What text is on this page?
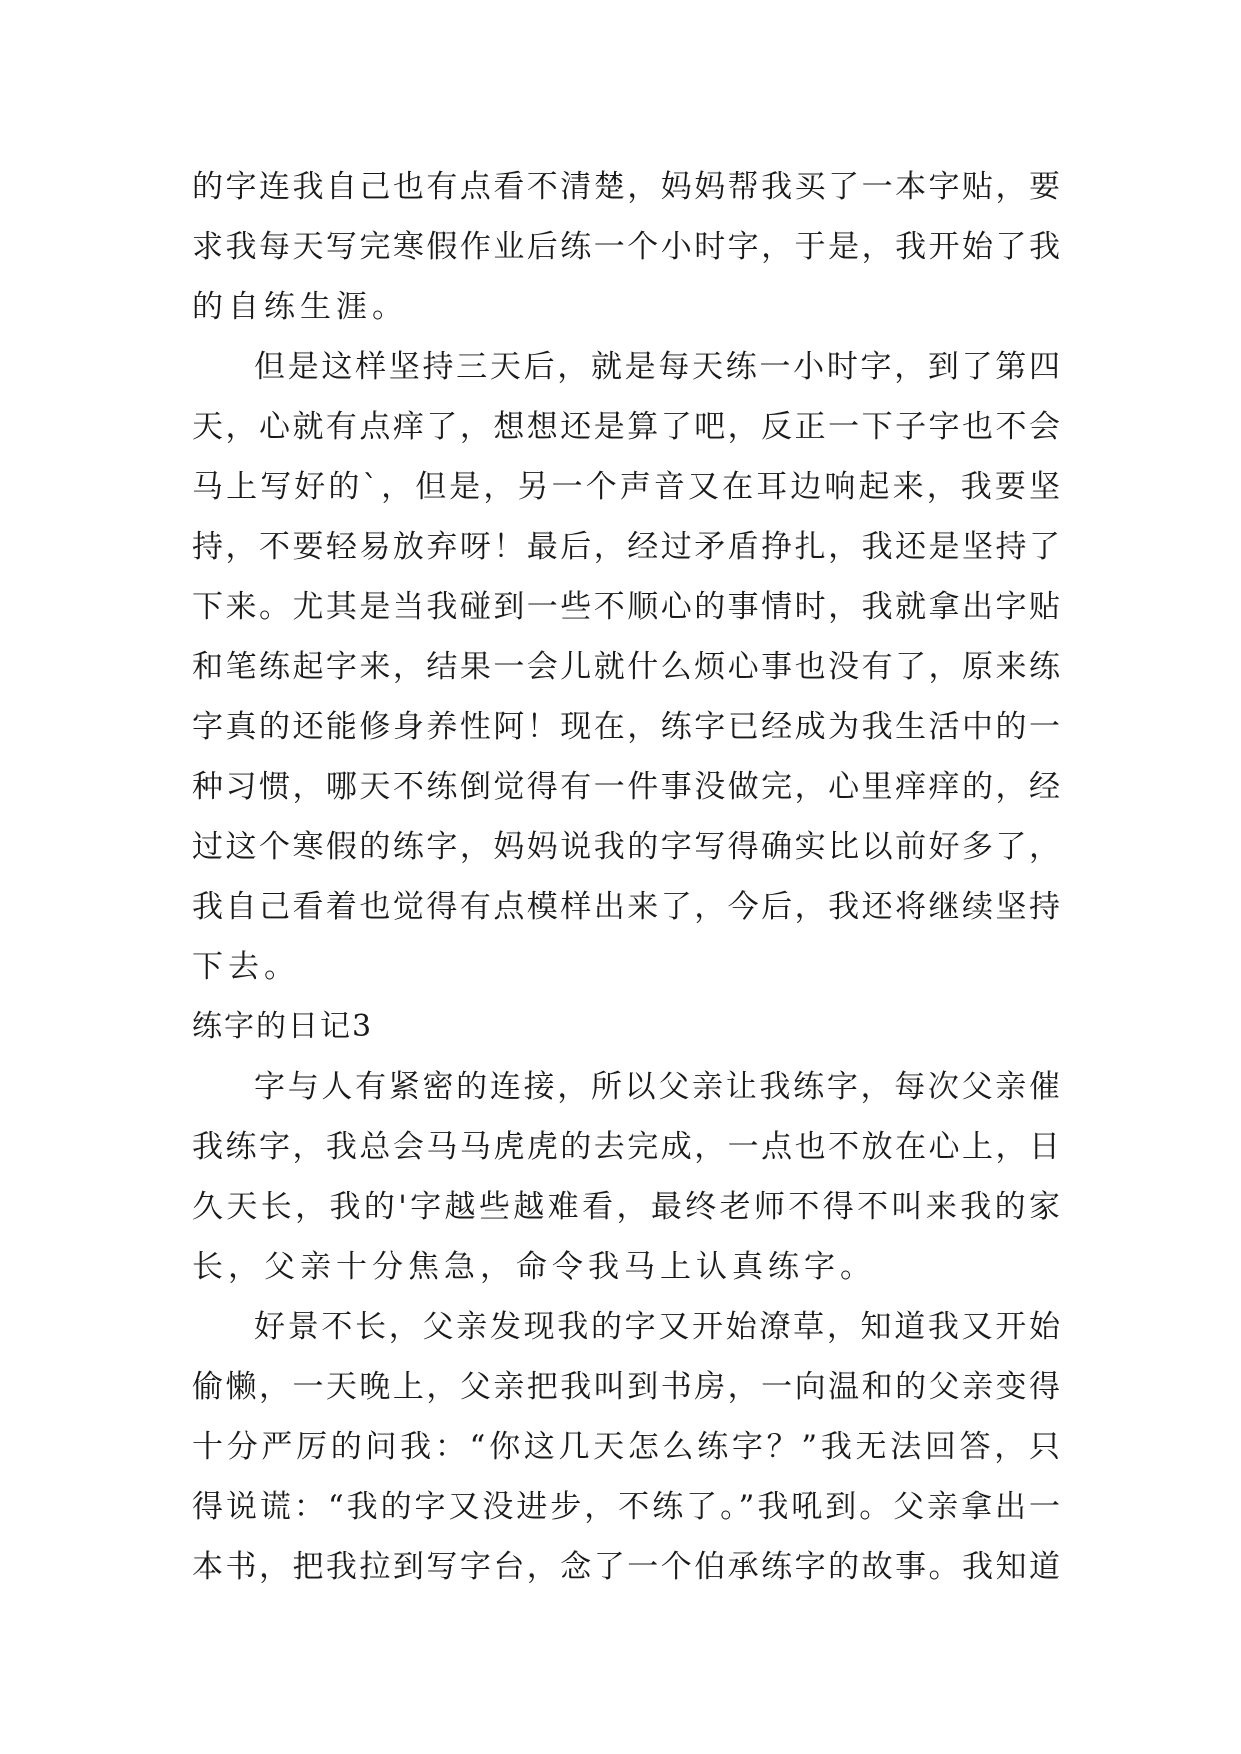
的字连我自己也有点看不清楚，妈妈帮我买了一本字贴，要
求我每天写完寒假作业后练一个小时字，于是，我开始了我
的自练生涯。
但是这样坚持三天后，就是每天练一小时字，到了第四
天，心就有点痒了，想想还是算了吧，反正一下子字也不会
马上写好的`，但是，另一个声音又在耳边响起来，我要坚
持，不要轻易放弃呀！最后，经过矛盾挣扎，我还是坚持了
下来。尤其是当我碰到一些不顺心的事情时，我就拿出字贴
和笔练起字来，结果一会儿就什么烦心事也没有了，原来练
字真的还能修身养性阿！现在，练字已经成为我生活中的一
种习惯，哪天不练倒觉得有一件事没做完，心里痒痒的，经
过这个寒假的练字，妈妈说我的字写得确实比以前好多了，
我自己看着也觉得有点模样出来了，今后，我还将继续坚持
下去。
练字的日记3
字与人有紧密的连接，所以父亲让我练字，每次父亲催
我练字，我总会马马虎虎的去完成，一点也不放在心上，日
久天长，我的'字越些越难看，最终老师不得不叫来我的家
长，父亲十分焦急，命令我马上认真练字。
好景不长，父亲发现我的字又开始潦草，知道我又开始
偷懒，一天晚上，父亲把我叫到书房，一向温和的父亲变得
十分严厉的问我：“你这几天怎么练字？”我无法回答，只
得说谎：“我的字又没进步，不练了。”我吼到。父亲拿出一
本书，把我拉到写字台，念了一个伯承练字的故事。我知道
